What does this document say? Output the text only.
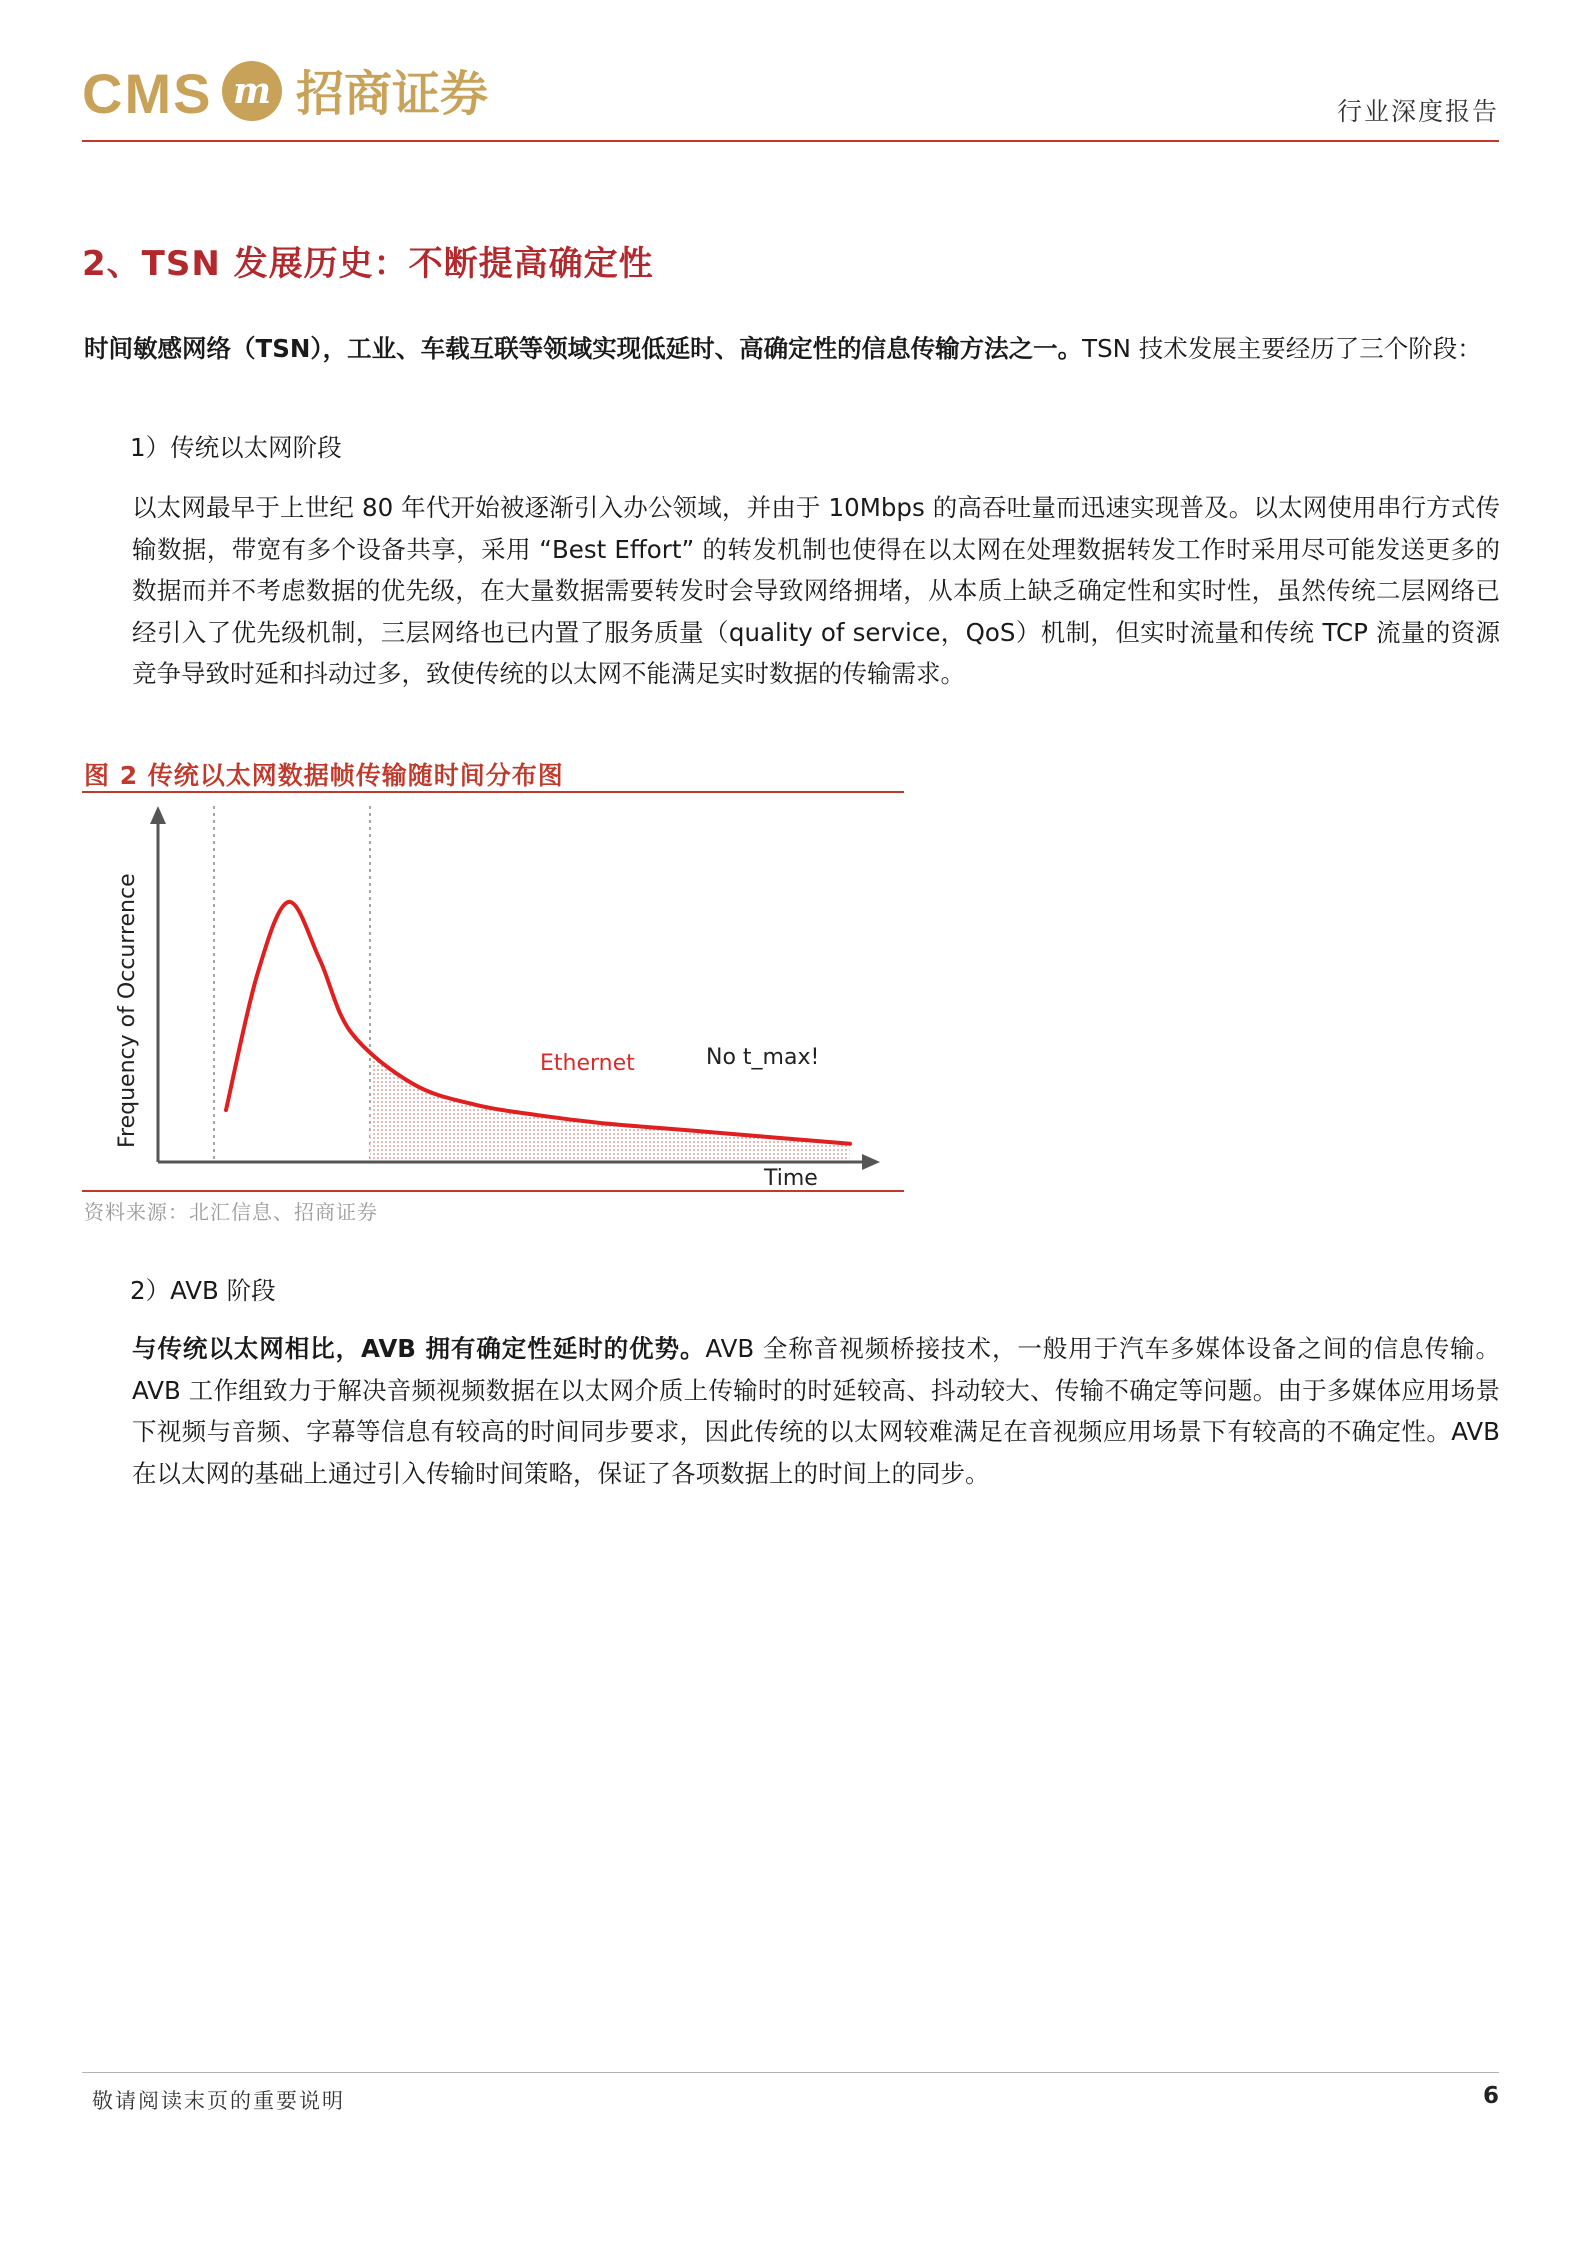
CMS m 招商证券	行业深度报告
2、TSN 发展历史：不断提高确定性
时间敏感网络（TSN），工业、车载互联等领域实现低延时、高确定性的信息传输方法之一。TSN 技术发展主要经历了三个阶段：
1）传统以太网阶段
以太网最早于上世纪 80 年代开始被逐渐引入办公领域，并由于 10Mbps 的高吞吐量而迅速实现普及。以太网使用串行方式传输数据，带宽有多个设备共享，采用 “Best Effort” 的转发机制也使得在以太网在处理数据转发工作时采用尽可能发送更多的数据而并不考虑数据的优先级，在大量数据需要转发时会导致网络拥堵，从本质上缺乏确定性和实时性，虽然传统二层网络已经引入了优先级机制，三层网络也已内置了服务质量（quality of service，QoS）机制，但实时流量和传统 TCP 流量的资源竞争导致时延和抖动过多，致使传统的以太网不能满足实时数据的传输需求。
图 2 传统以太网数据帧传输随时间分布图
Frequency of Occurrence
Time
Ethernet	No t_max!
资料来源：北汇信息、招商证券
2）AVB 阶段
与传统以太网相比，AVB 拥有确定性延时的优势。AVB 全称音视频桥接技术，一般用于汽车多媒体设备之间的信息传输。AVB 工作组致力于解决音频视频数据在以太网介质上传输时的时延较高、抖动较大、传输不确定等问题。由于多媒体应用场景下视频与音频、字幕等信息有较高的时间同步要求，因此传统的以太网较难满足在音视频应用场景下有较高的不确定性。AVB 在以太网的基础上通过引入传输时间策略，保证了各项数据上的时间上的同步。
敬请阅读末页的重要说明	6
